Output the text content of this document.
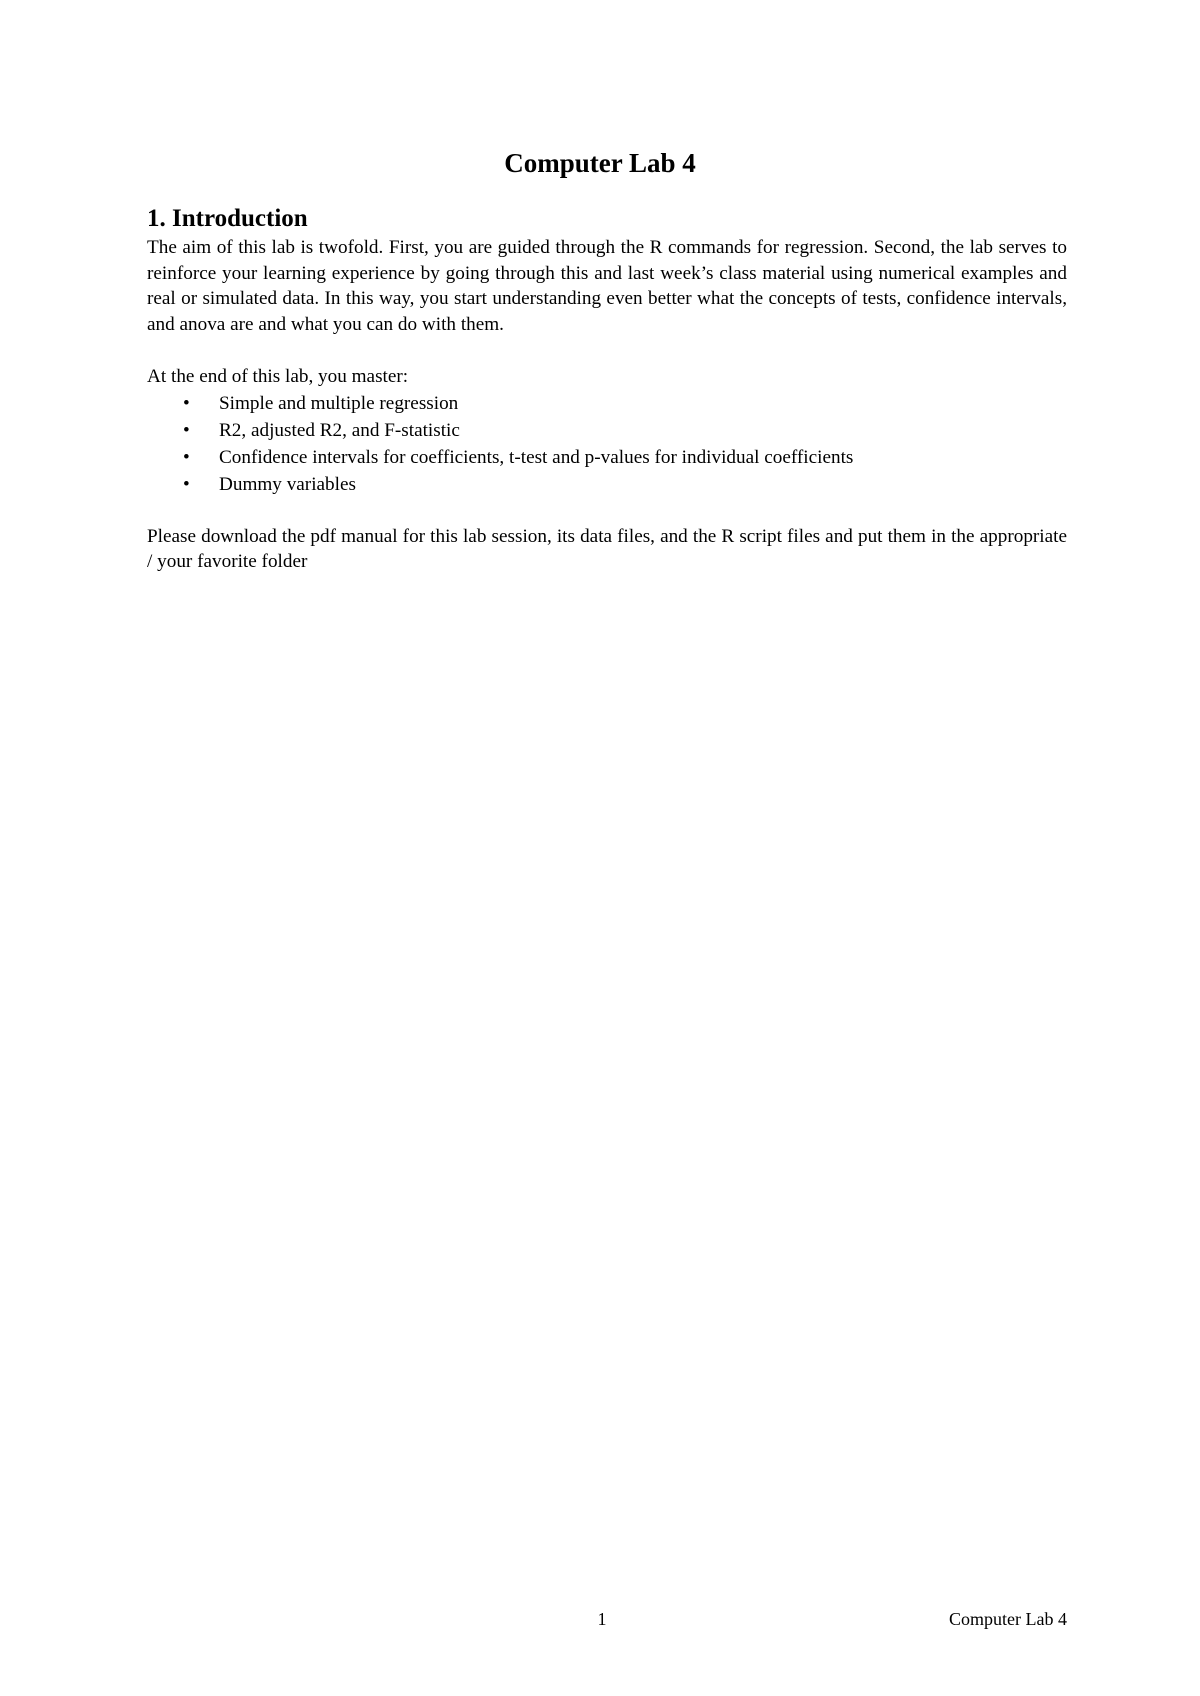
Computer Lab 4
1. Introduction

The aim of this lab is twofold. First, you are guided through the R commands for regression. Second, the lab serves to reinforce your learning experience by going through this and last week’s class material using numerical examples and real or simulated data. In this way, you start understanding even better what the concepts of tests, confidence intervals, and anova are and what you can do with them.

At the end of this lab, you master:

• Simple and multiple regression
• R2, adjusted R2, and F-statistic
• Confidence intervals for coefficients, t-test and p-values for individual coefficients
• Dummy variables

Please download the pdf manual for this lab session, its data files, and the R script files and put them in the appropriate / your favorite folder

1	Computer Lab 4
